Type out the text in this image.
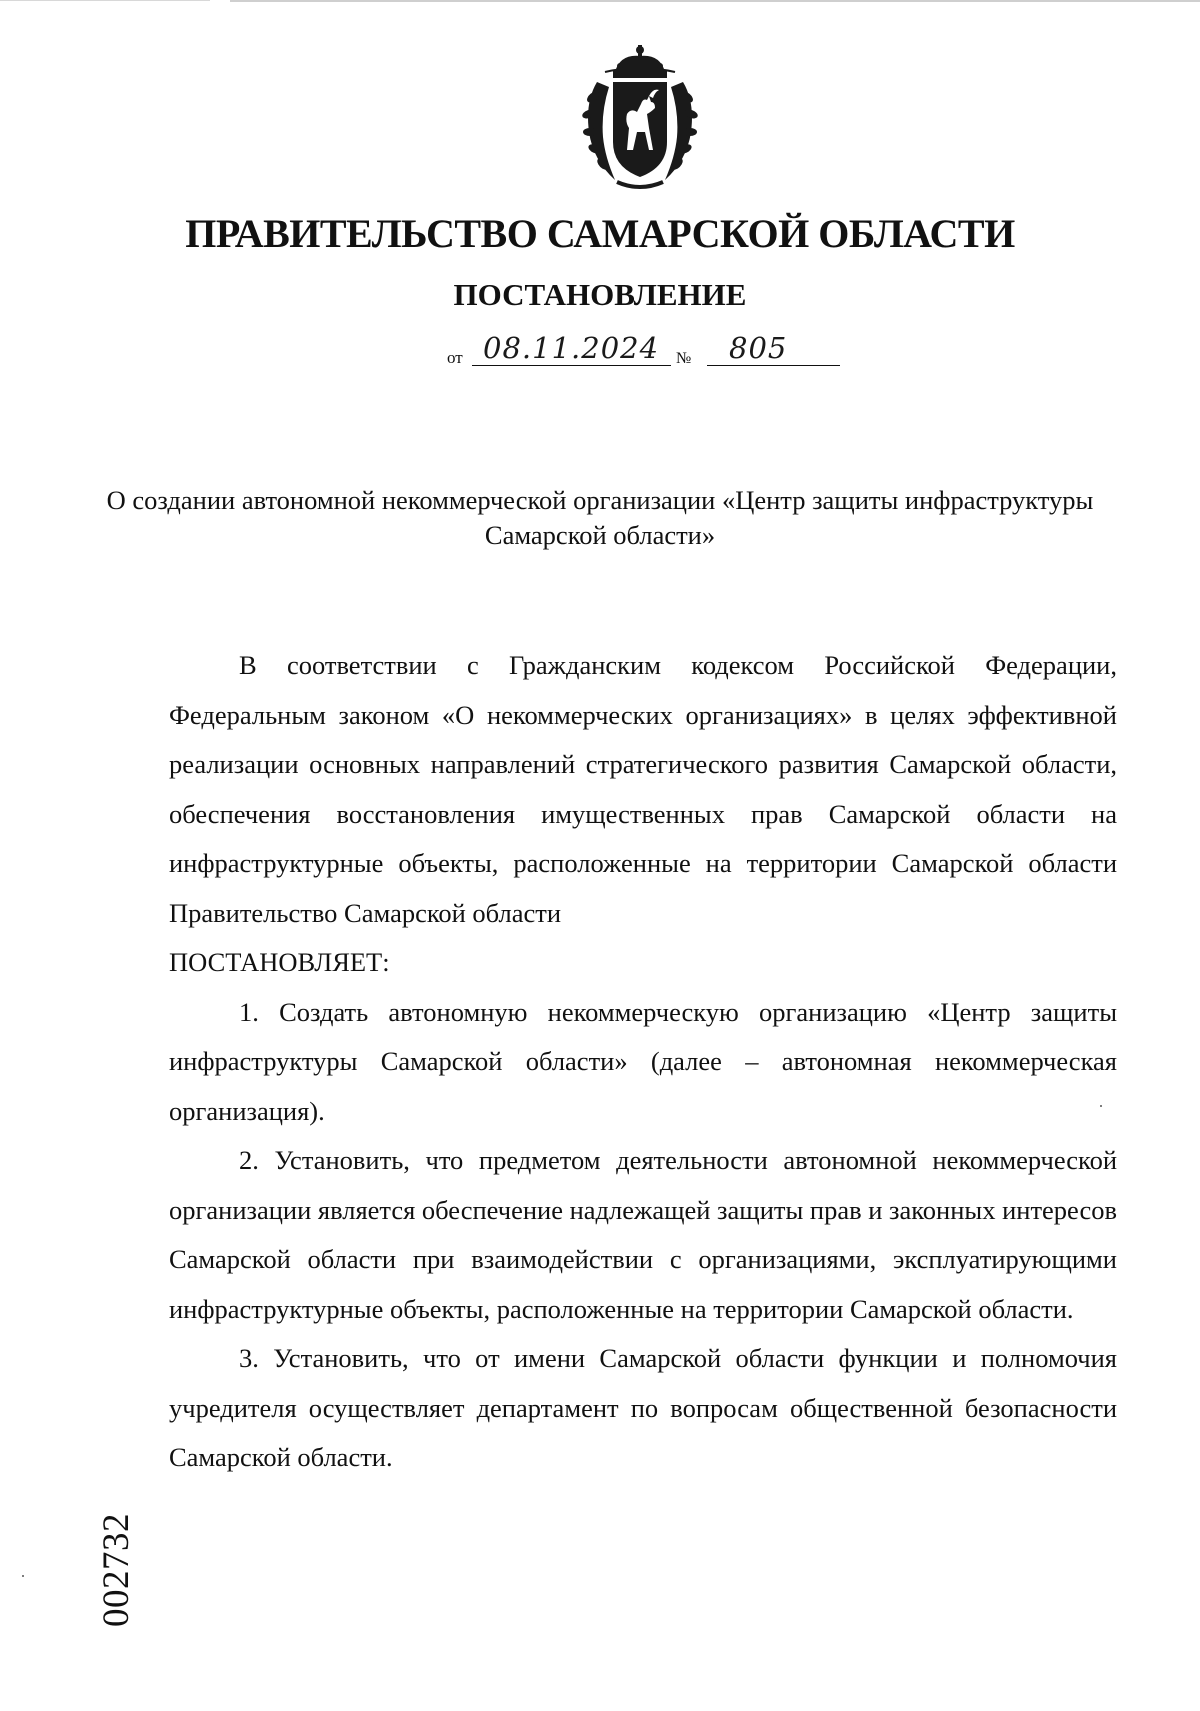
ПРАВИТЕЛЬСТВО САМАРСКОЙ ОБЛАСТИ
ПОСТАНОВЛЕНИЕ
от 08.11.2024 № 805

О создании автономной некоммерческой организации «Центр защиты инфраструктуры Самарской области»

В соответствии с Гражданским кодексом Российской Федерации, Федеральным законом «О некоммерческих организациях» в целях эффективной реализации основных направлений стратегического развития Самарской области, обеспечения восстановления имущественных прав Самарской области на инфраструктурные объекты, расположенные на территории Самарской области Правительство Самарской области

ПОСТАНОВЛЯЕТ:

1. Создать автономную некоммерческую организацию «Центр защиты инфраструктуры Самарской области» (далее – автономная некоммерческая организация).

2. Установить, что предметом деятельности автономной некоммерческой организации является обеспечение надлежащей защиты прав и законных интересов Самарской области при взаимодействии с организациями, эксплуатирующими инфраструктурные объекты, расположенные на территории Самарской области.

3. Установить, что от имени Самарской области функции и полномочия учредителя осуществляет департамент по вопросам общественной безопасности Самарской области.

002732
